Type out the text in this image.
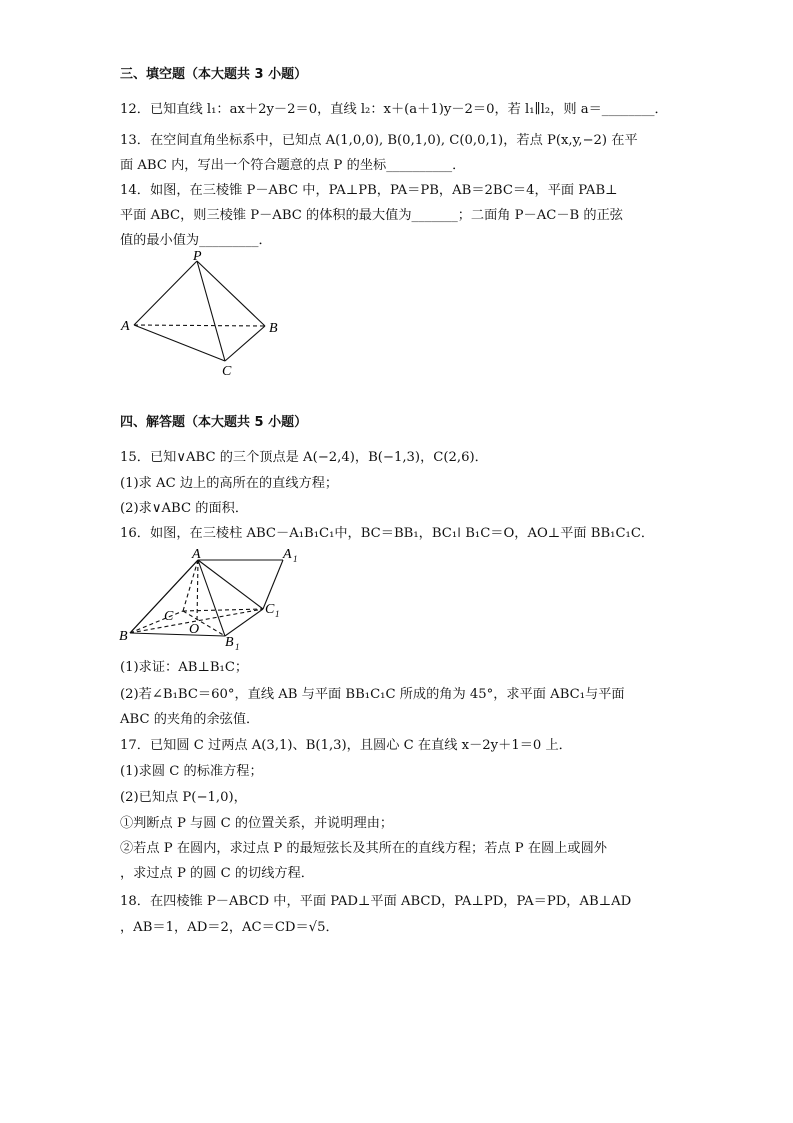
三、填空题（本大题共 3 小题）
12．已知直线 l₁：ax＋2y－2＝0，直线 l₂：x＋(a＋1)y－2＝0，若 l₁∥l₂，则 a＝________．
13．在空间直角坐标系中，已知点 A(1,0,0), B(0,1,0), C(0,0,1)，若点 P(x,y,−2) 在平
面 ABC 内，写出一个符合题意的点 P 的坐标__________．
14．如图，在三棱锥 P－ABC 中，PA⊥PB，PA＝PB，AB＝2BC＝4，平面 PAB⊥
平面 ABC，则三棱锥 P－ABC 的体积的最大值为_______；二面角 P－AC－B 的正弦
值的最小值为_________．
P
A	B
C
四、解答题（本大题共 5 小题）
15．已知∨ABC 的三个顶点是 A(−2,4)，B(−1,3)，C(2,6)．
(1)求 AC 边上的高所在的直线方程；
(2)求∨ABC 的面积．
16．如图，在三棱柱 ABC－A₁B₁C₁中，BC＝BB₁，BC₁ǀ B₁C＝O，AO⊥平面 BB₁C₁C．
A	A 1
C	C 1
O
B	B 1
(1)求证：AB⊥B₁C；
(2)若∠B₁BC＝60°，直线 AB 与平面 BB₁C₁C 所成的角为 45°，求平面 ABC₁与平面
ABC 的夹角的余弦值．
17．已知圆 C 过两点 A(3,1)、B(1,3)，且圆心 C 在直线 x－2y＋1＝0 上．
(1)求圆 C 的标准方程；
(2)已知点 P(−1,0)，
①判断点 P 与圆 C 的位置关系，并说明理由；
②若点 P 在圆内，求过点 P 的最短弦长及其所在的直线方程；若点 P 在圆上或圆外
，求过点 P 的圆 C 的切线方程．
18．在四棱锥 P－ABCD 中，平面 PAD⊥平面 ABCD，PA⊥PD，PA＝PD，AB⊥AD
，AB＝1，AD＝2，AC＝CD＝√5．
